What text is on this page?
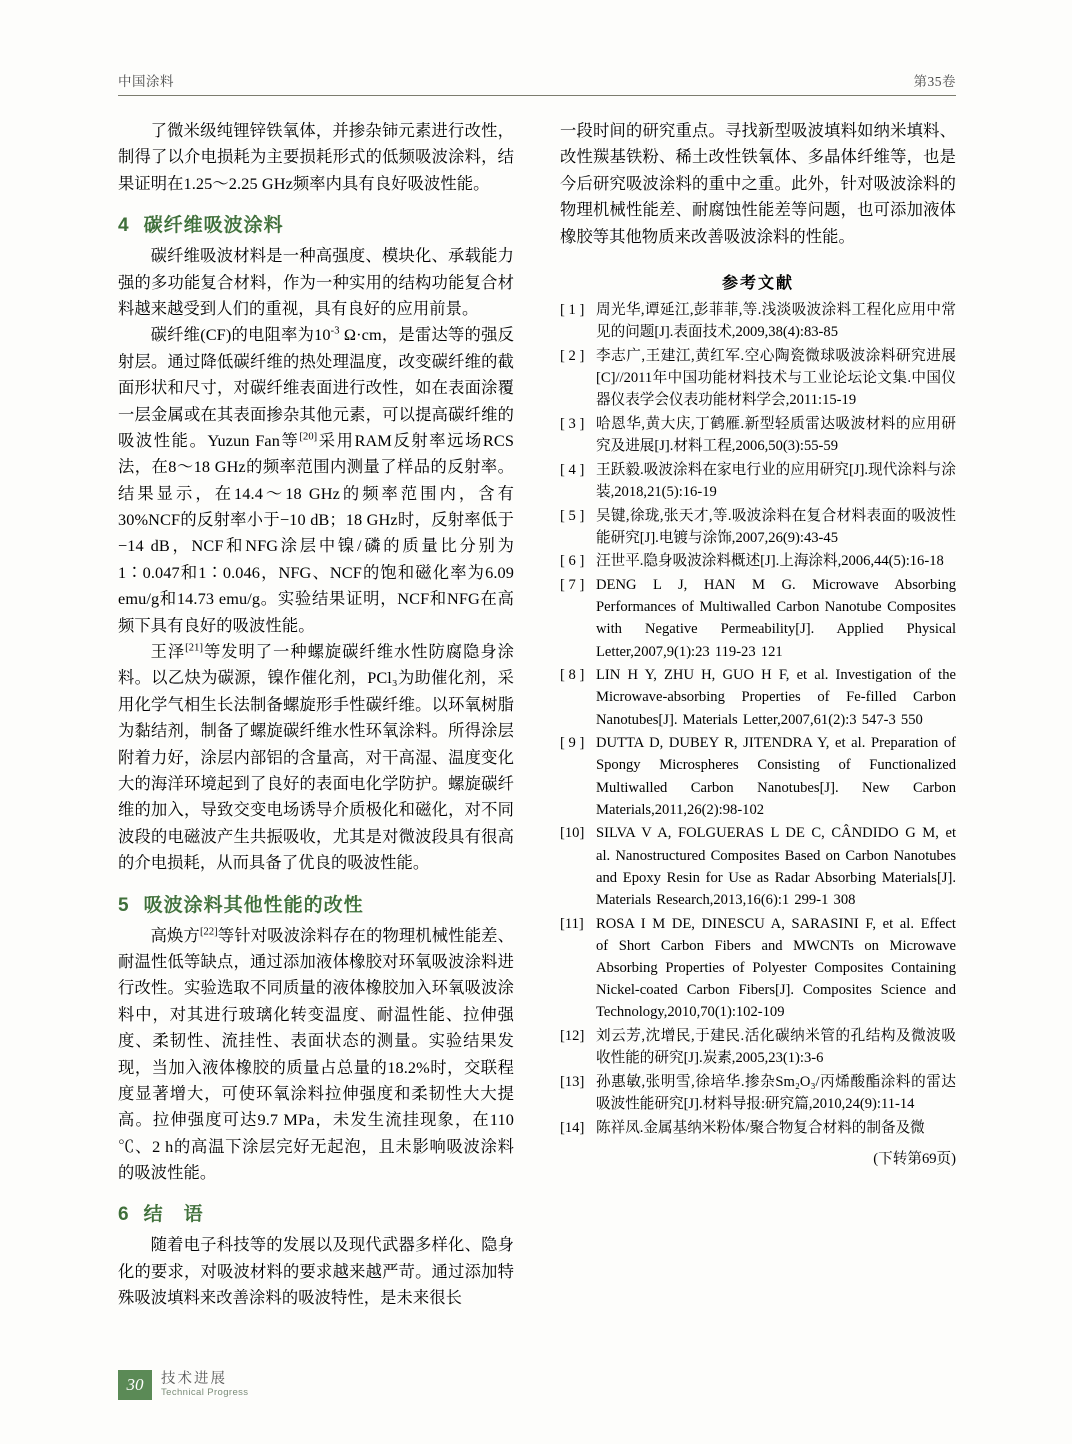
中国涂料	第35卷

了微米级纯锂锌铁氧体，并掺杂铈元素进行改性，制得了以介电损耗为主要损耗形式的低频吸波涂料，结果证明在1.25～2.25 GHz频率内具有良好吸波性能。

4 碳纤维吸波涂料

碳纤维吸波材料是一种高强度、模块化、承载能力强的多功能复合材料，作为一种实用的结构功能复合材料越来越受到人们的重视，具有良好的应用前景。

碳纤维(CF)的电阻率为$10^{-3}$ Ω·cm，是雷达等的强反射层。通过降低碳纤维的热处理温度，改变碳纤维的截面形状和尺寸，对碳纤维表面进行改性，如在表面涂覆一层金属或在其表面掺杂其他元素，可以提高碳纤维的吸波性能。Yuzun Fan等[20]采用RAM反射率远场RCS法，在8～18 GHz的频率范围内测量了样品的反射率。结果显示，在14.4～18 GHz的频率范围内，含有30%NCF的反射率小于−10 dB；18 GHz时，反射率低于−14 dB，NCF和NFG涂层中镍/磷的质量比分别为1∶0.047和1∶0.046，NFG、NCF的饱和磁化率为6.09 emu/g和14.73 emu/g。实验结果证明，NCF和NFG在高频下具有良好的吸波性能。

王泽[21]等发明了一种螺旋碳纤维水性防腐隐身涂料。以乙炔为碳源，镍作催化剂，PCl₃为助催化剂，采用化学气相生长法制备螺旋形手性碳纤维。以环氧树脂为黏结剂，制备了螺旋碳纤维水性环氧涂料。所得涂层附着力好，涂层内部铝的含量高，对干高湿、温度变化大的海洋环境起到了良好的表面电化学防护。螺旋碳纤维的加入，导致交变电场诱导介质极化和磁化，对不同波段的电磁波产生共振吸收，尤其是对微波段具有很高的介电损耗，从而具备了优良的吸波性能。

5 吸波涂料其他性能的改性

高焕方[22]等针对吸波涂料存在的物理机械性能差、耐温性低等缺点，通过添加液体橡胶对环氧吸波涂料进行改性。实验选取不同质量的液体橡胶加入环氧吸波涂料中，对其进行玻璃化转变温度、耐温性能、拉伸强度、柔韧性、流挂性、表面状态的测量。实验结果发现，当加入液体橡胶的质量占总量的18.2%时，交联程度显著增大，可使环氧涂料拉伸强度和柔韧性大大提高。拉伸强度可达9.7 MPa，未发生流挂现象，在110 ℃、2 h的高温下涂层完好无起泡，且未影响吸波涂料的吸波性能。

6 结　语

随着电子科技等的发展以及现代武器多样化、隐身化的要求，对吸波材料的要求越来越严苛。通过添加特殊吸波填料来改善涂料的吸波特性，是未来很长

一段时间的研究重点。寻找新型吸波填料如纳米填料、改性羰基铁粉、稀土改性铁氧体、多晶体纤维等，也是今后研究吸波涂料的重中之重。此外，针对吸波涂料的物理机械性能差、耐腐蚀性能差等问题，也可添加液体橡胶等其他物质来改善吸波涂料的性能。

参考文献
[ 1 ] 周光华,谭延江,彭菲菲,等.浅淡吸波涂料工程化应用中常见的问题[J].表面技术,2009,38(4):83-85
[ 2 ] 李志广,王建江,黄红军.空心陶瓷微球吸波涂料研究进展[C]//2011年中国功能材料技术与工业论坛论文集.中国仪器仪表学会仪表功能材料学会,2011:15-19
[ 3 ] 哈恩华,黄大庆,丁鹤雁.新型轻质雷达吸波材料的应用研究及进展[J].材料工程,2006,50(3):55-59
[ 4 ] 王跃毅.吸波涂料在家电行业的应用研究[J].现代涂料与涂装,2018,21(5):16-19
[ 5 ] 吴键,徐珑,张天才,等.吸波涂料在复合材料表面的吸波性能研究[J].电镀与涂饰,2007,26(9):43-45
[ 6 ] 汪世平.隐身吸波涂料概述[J].上海涂料,2006,44(5):16-18
[ 7 ] DENG L J, HAN M G. Microwave Absorbing Performances of Multiwalled Carbon Nanotube Composites with Negative Permeability[J]. Applied Physical Letter,2007,9(1):23 119-23 121
[ 8 ] LIN H Y, ZHU H, GUO H F, et al. Investigation of the Microwave-absorbing Properties of Fe-filled Carbon Nanotubes[J]. Materials Letter,2007,61(2):3 547-3 550
[ 9 ] DUTTA D, DUBEY R, JITENDRA Y, et al. Preparation of Spongy Microspheres Consisting of Functionalized Multiwalled Carbon Nanotubes[J]. New Carbon Materials,2011,26(2):98-102
[10] SILVA V A, FOLGUERAS L DE C, CÂNDIDO G M, et al. Nanostructured Composites Based on Carbon Nanotubes and Epoxy Resin for Use as Radar Absorbing Materials[J]. Materials Research,2013,16(6):1 299-1 308
[11] ROSA I M DE, DINESCU A, SARASINI F, et al. Effect of Short Carbon Fibers and MWCNTs on Microwave Absorbing Properties of Polyester Composites Containing Nickel-coated Carbon Fibers[J]. Composites Science and Technology,2010,70(1):102-109
[12] 刘云芳,沈增民,于建民.活化碳纳米管的孔结构及微波吸收性能的研究[J].炭素,2005,23(1):3-6
[13] 孙惠敏,张明雪,徐培华.掺杂Sm₂O₃/丙烯酸酯涂料的雷达吸波性能研究[J].材料导报:研究篇,2010,24(9):11-14
[14] 陈祥凤.金属基纳米粉体/聚合物复合材料的制备及微
(下转第69页)
30	技术进展
Technical Progress
